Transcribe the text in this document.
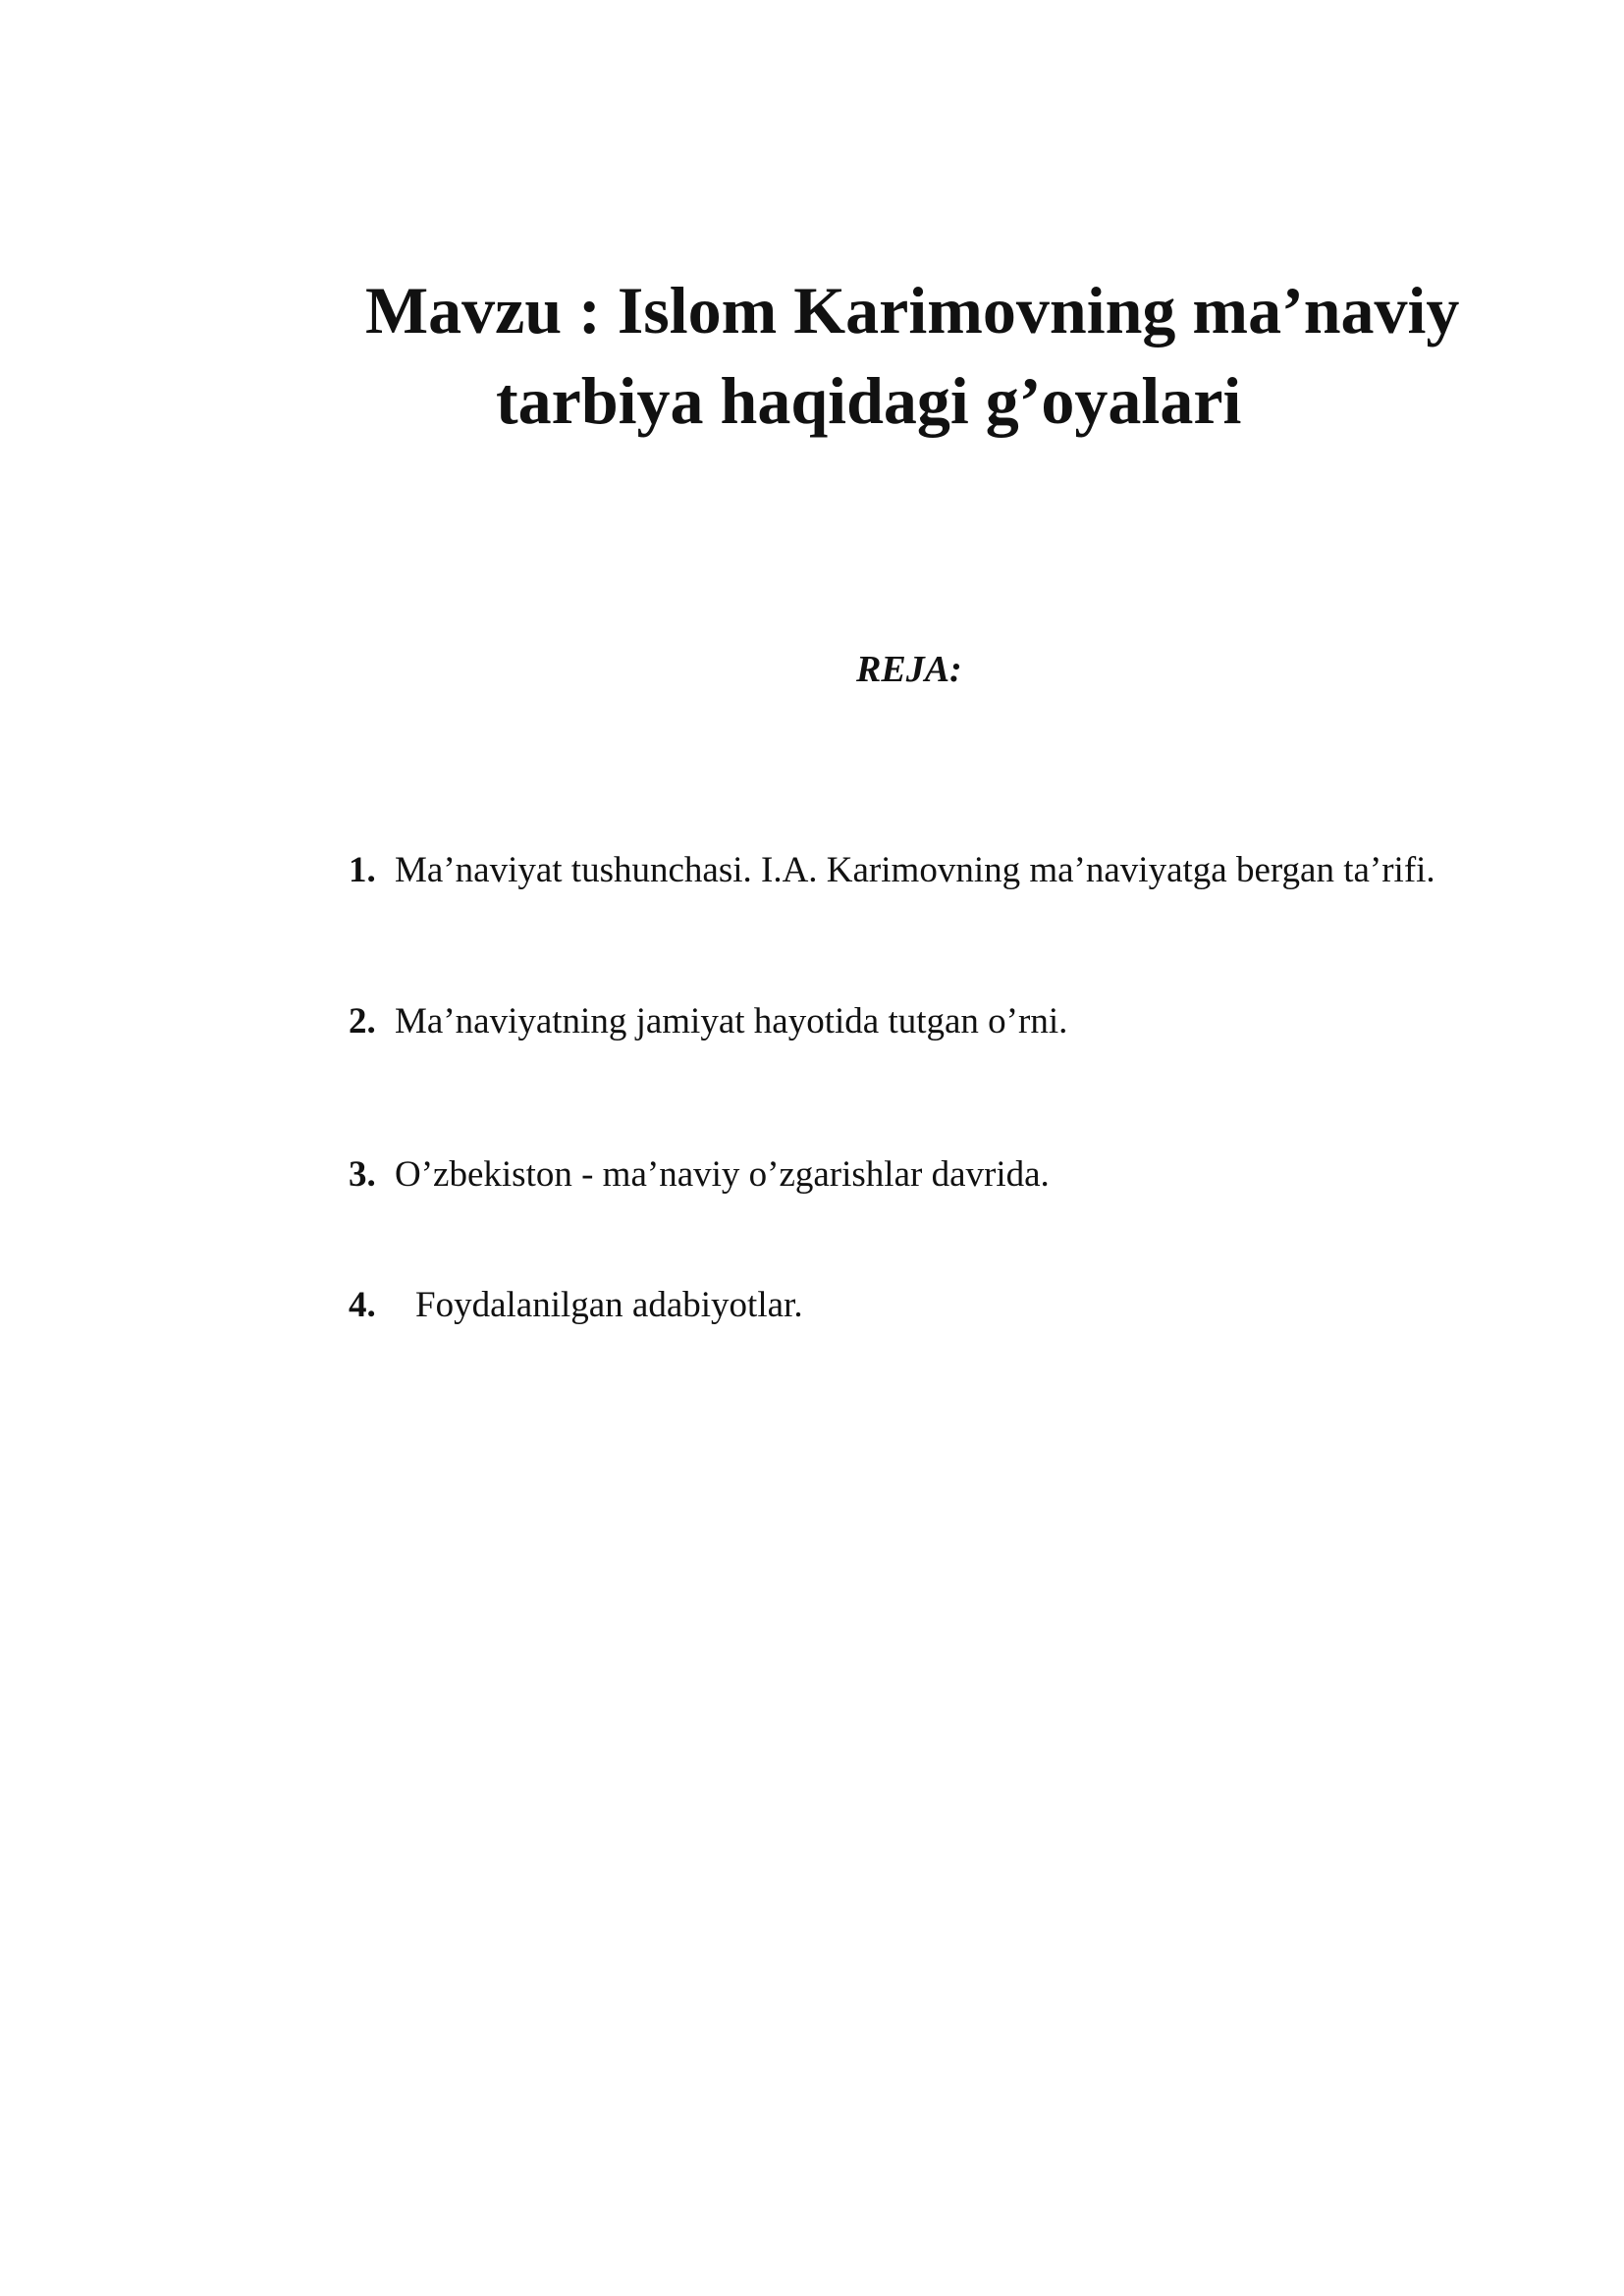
Mavzu : Islom Karimovning ma’naviy
tarbiya haqidagi g’oyalari
REJA:
1. Ma’naviyat tushunchasi. I.A. Karimovning ma’naviyatga bergan ta’rifi.
2. Ma’naviyatning jamiyat hayotida tutgan o’rni.
3. O’zbekiston - ma’naviy o’zgarishlar davrida.
4. Foydalanilgan adabiyotlar.
